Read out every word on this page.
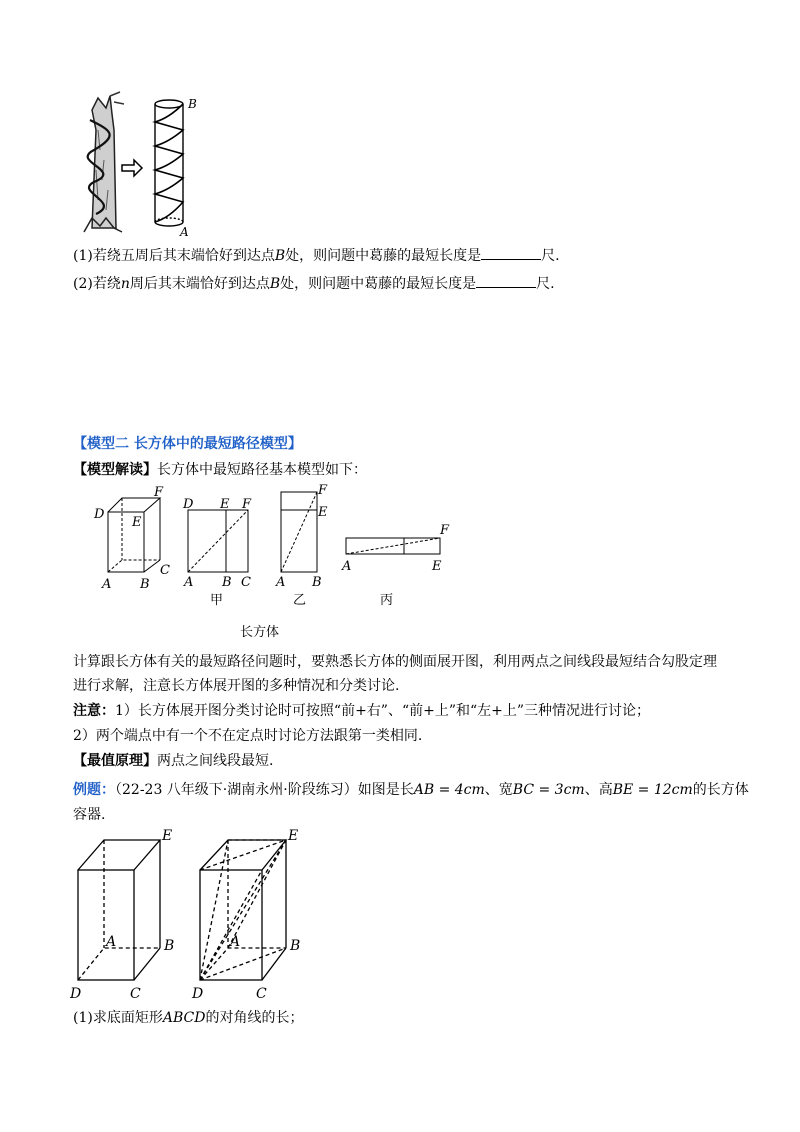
B
A
(1)若绕五周后其末端恰好到达点B处，则问题中葛藤的最短长度是	尺.
(2)若绕n周后其末端恰好到达点B处，则问题中葛藤的最短长度是	尺.
【模型二 长方体中的最短路径模型】
【模型解读】长方体中最短路径基本模型如下：
D
E
F
A B
C
D E F
A B C
F
E
A B
F
A	E
甲	乙	丙
长方体
计算跟长方体有关的最短路径问题时，要熟悉长方体的侧面展开图，利用两点之间线段最短结合勾股定理
进行求解，注意长方体展开图的多种情况和分类讨论.
注意：1）长方体展开图分类讨论时可按照“前+右”、“前+上”和“左+上”三种情况进行讨论；
2）两个端点中有一个不在定点时讨论方法跟第一类相同.
【最值原理】两点之间线段最短.
例题：（22-23 八年级下·湖南永州·阶段练习）如图是长AB = 4cm、宽BC = 3cm、高BE = 12cm的长方体
容器.
E
A	B
D	C
E
A	B
D	C
(1)求底面矩形ABCD的对角线的长；
